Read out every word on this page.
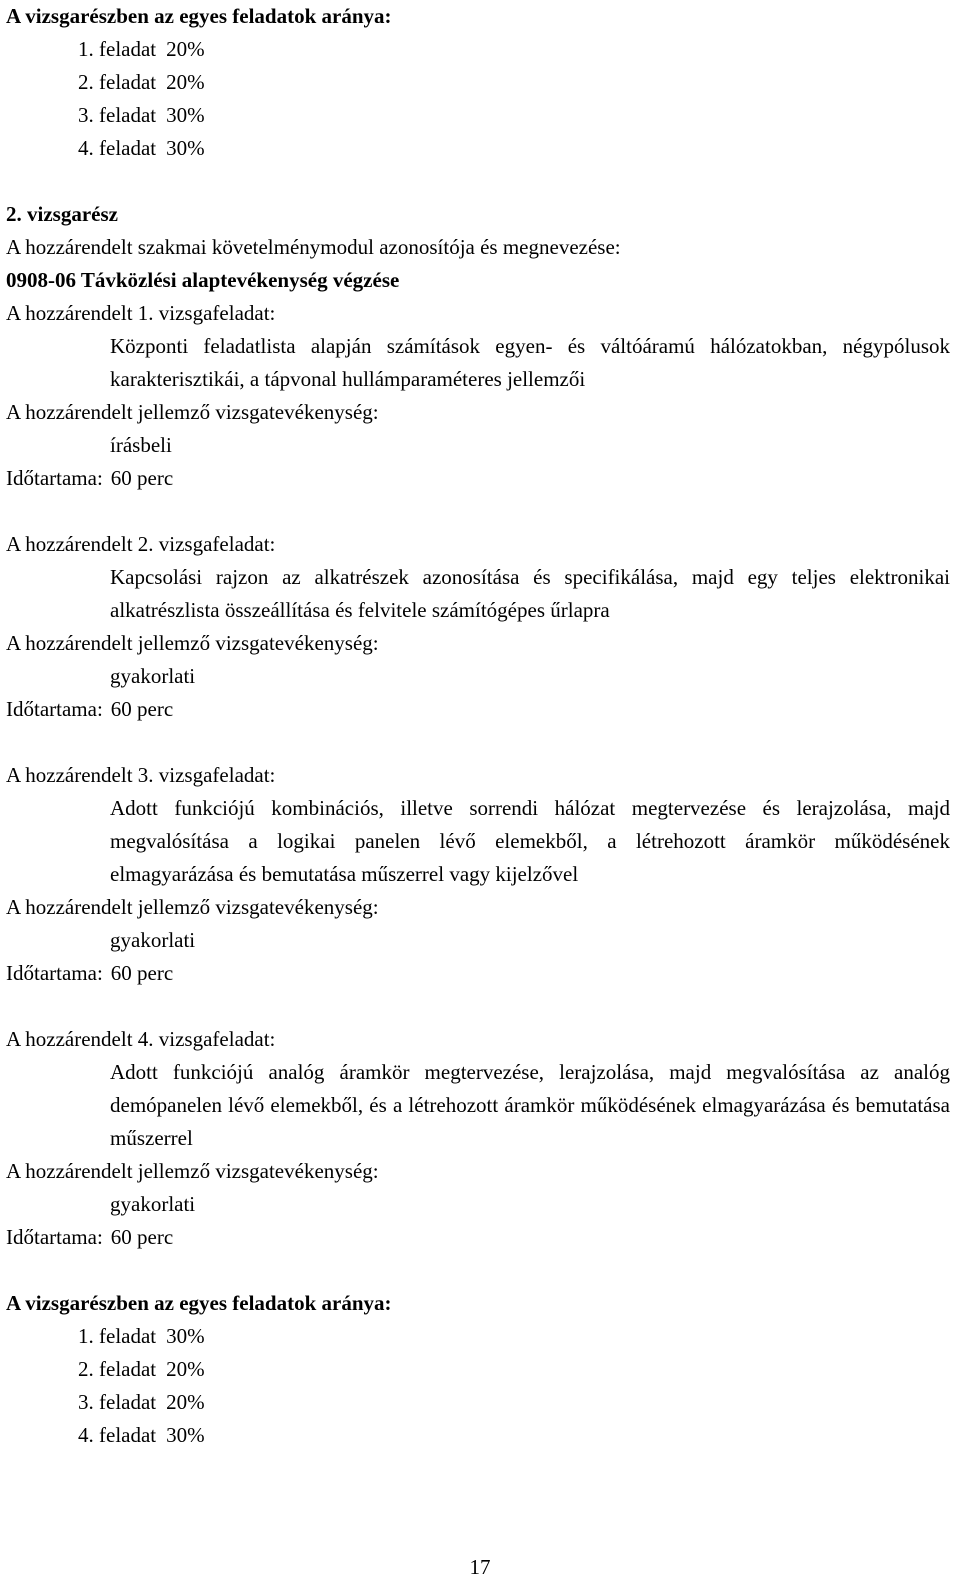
A vizsgarészben az egyes feladatok aránya:
1. feladat 20%
2. feladat 20%
3. feladat 30%
4. feladat 30%
2. vizsgarész
A hozzárendelt szakmai követelménymodul azonosítója és megnevezése:
0908-06 Távközlési alaptevékenység végzése
A hozzárendelt 1. vizsgafeladat:
Központi feladatlista alapján számítások egyen- és váltóáramú hálózatokban, négypólusok karakterisztikái, a tápvonal hullámparaméteres jellemzői
A hozzárendelt jellemző vizsgatevékenység:
írásbeli
Időtartama: 60 perc
A hozzárendelt 2. vizsgafeladat:
Kapcsolási rajzon az alkatrészek azonosítása és specifikálása, majd egy teljes elektronikai alkatrészlista összeállítása és felvitele számítógépes űrlapra
A hozzárendelt jellemző vizsgatevékenység:
gyakorlati
Időtartama: 60 perc
A hozzárendelt 3. vizsgafeladat:
Adott funkciójú kombinációs, illetve sorrendi hálózat megtervezése és lerajzolása, majd megvalósítása a logikai panelen lévő elemekből, a létrehozott áramkör működésének elmagyarázása és bemutatása műszerrel vagy kijelzővel
A hozzárendelt jellemző vizsgatevékenység:
gyakorlati
Időtartama: 60 perc
A hozzárendelt 4. vizsgafeladat:
Adott funkciójú analóg áramkör megtervezése, lerajzolása, majd megvalósítása az analóg demópanelen lévő elemekből, és a létrehozott áramkör működésének elmagyarázása és bemutatása műszerrel
A hozzárendelt jellemző vizsgatevékenység:
gyakorlati
Időtartama: 60 perc
A vizsgarészben az egyes feladatok aránya:
1. feladat 30%
2. feladat 20%
3. feladat 20%
4. feladat 30%
17
